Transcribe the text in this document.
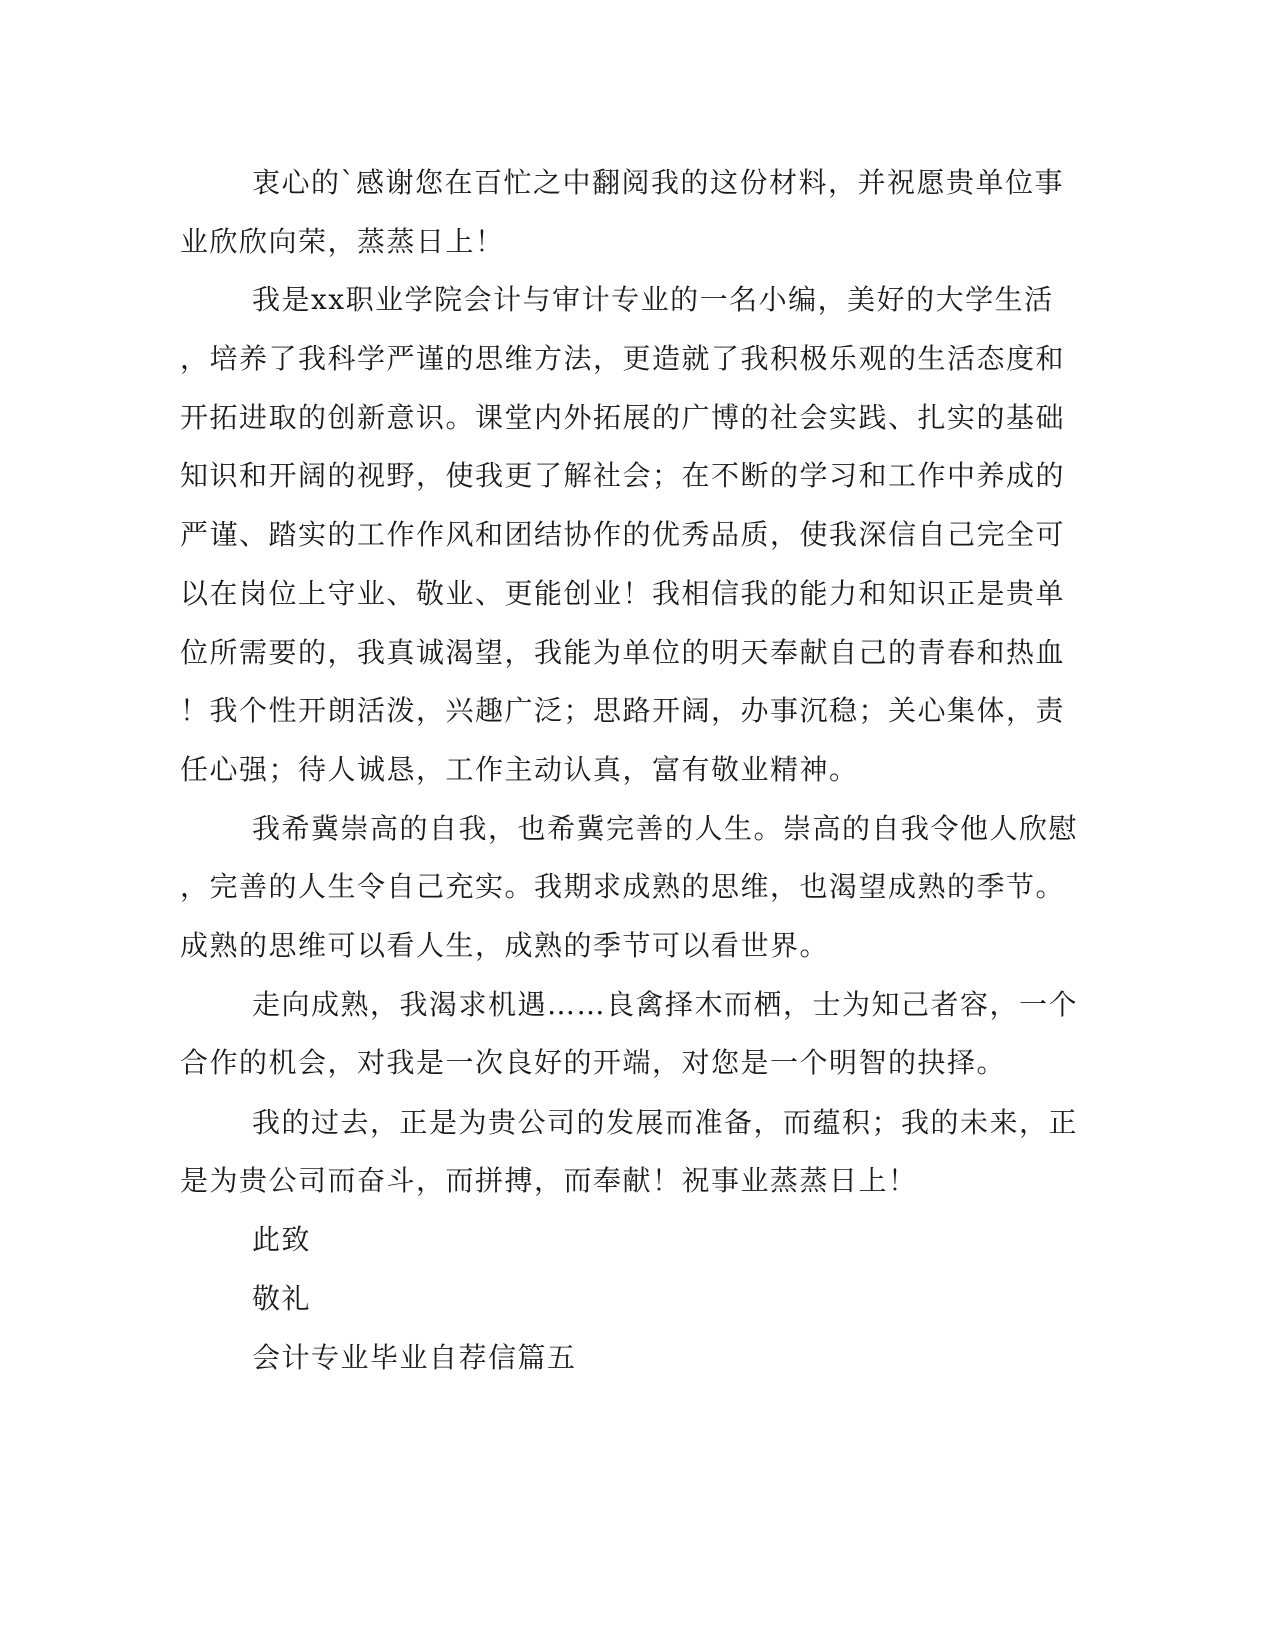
衷心的`感谢您在百忙之中翻阅我的这份材料，并祝愿贵单位事
业欣欣向荣，蒸蒸日上！
我是xx职业学院会计与审计专业的一名小编，美好的大学生活
，培养了我科学严谨的思维方法，更造就了我积极乐观的生活态度和
开拓进取的创新意识。课堂内外拓展的广博的社会实践、扎实的基础
知识和开阔的视野，使我更了解社会；在不断的学习和工作中养成的
严谨、踏实的工作作风和团结协作的优秀品质，使我深信自己完全可
以在岗位上守业、敬业、更能创业！我相信我的能力和知识正是贵单
位所需要的，我真诚渴望，我能为单位的明天奉献自己的青春和热血
！我个性开朗活泼，兴趣广泛；思路开阔，办事沉稳；关心集体，责
任心强；待人诚恳，工作主动认真，富有敬业精神。
我希冀崇高的自我，也希冀完善的人生。崇高的自我令他人欣慰
，完善的人生令自己充实。我期求成熟的思维，也渴望成熟的季节。
成熟的思维可以看人生，成熟的季节可以看世界。
走向成熟，我渴求机遇……良禽择木而栖，士为知己者容，一个
合作的机会，对我是一次良好的开端，对您是一个明智的抉择。
我的过去，正是为贵公司的发展而准备，而蕴积；我的未来，正
是为贵公司而奋斗，而拼搏，而奉献！祝事业蒸蒸日上！
此致
敬礼
会计专业毕业自荐信篇五
